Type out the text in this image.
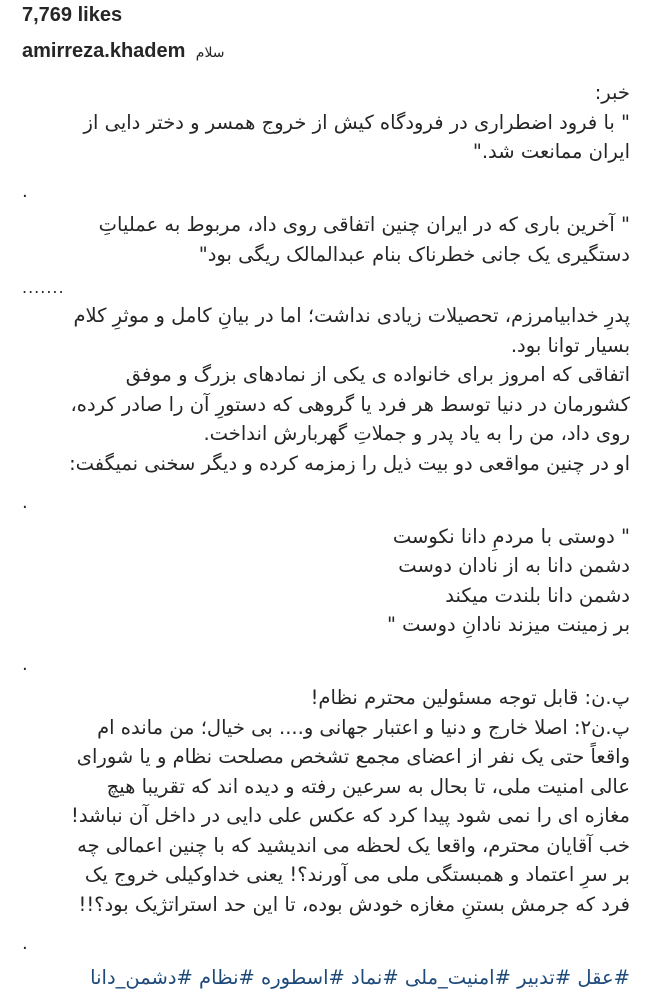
7,769 likes
amirreza.khadem سلام
خبر:
" با فرود اضطراری در فرودگاه کیش از خروج همسر و دختر دایی از
ایران ممانعت شد."
.
" آخرین باری که در ایران چنین اتفاقی روی داد، مربوط به عملیاتِ
دستگیری یک جانی خطرناک بنام عبدالمالک ریگی بود"
.......
پدرِ خدابیامرزم، تحصیلات زیادی نداشت؛ اما در بیانِ کامل و موثرِ کلام
بسیار توانا بود.
اتفاقی که امروز برای خانواده ی یکی از نمادهای بزرگ و موفق
کشورمان در دنیا توسط هر فرد یا گروهی که دستورِ آن را صادر کرده،
روی داد، من را به یاد پدر و جملاتِ گهربارش انداخت.
او در چنین مواقعی دو بیت ذیل را زمزمه کرده و دیگر سخنی نمیگفت:
.
" دوستی با مردمِ دانا نکوست
دشمن دانا به از نادان دوست
دشمن دانا بلندت میکند
بر زمینت میزند نادانِ دوست "
.
پ.ن: قابل توجه مسئولین محترم نظام!
پ.ن۲: اصلا خارج و دنیا و اعتبار جهانی و.... بی خیال؛ من مانده ام
واقعاً حتی یک نفر از اعضای مجمع تشخص مصلحت نظام و یا شورای
عالی امنیت ملی، تا بحال به سرعین رفته و دیده اند که تقریبا هیچ
مغازه ای را نمی شود پیدا کرد که عکس علی دایی در داخل آن نباشد!
خب آقایان محترم، واقعا یک لحظه می اندیشید که با چنین اعمالی چه
بر سرِ اعتماد و همبستگی ملی می آورند؟! یعنی خداوکیلی خروج یک
فرد که جرمش بستنِ مغازه خودش بوده، تا این حد استراتژیک بود؟!!
.
#عقل #تدبیر #امنیت_ملی #نماد #اسطوره #نظام #دشمن_دانا
